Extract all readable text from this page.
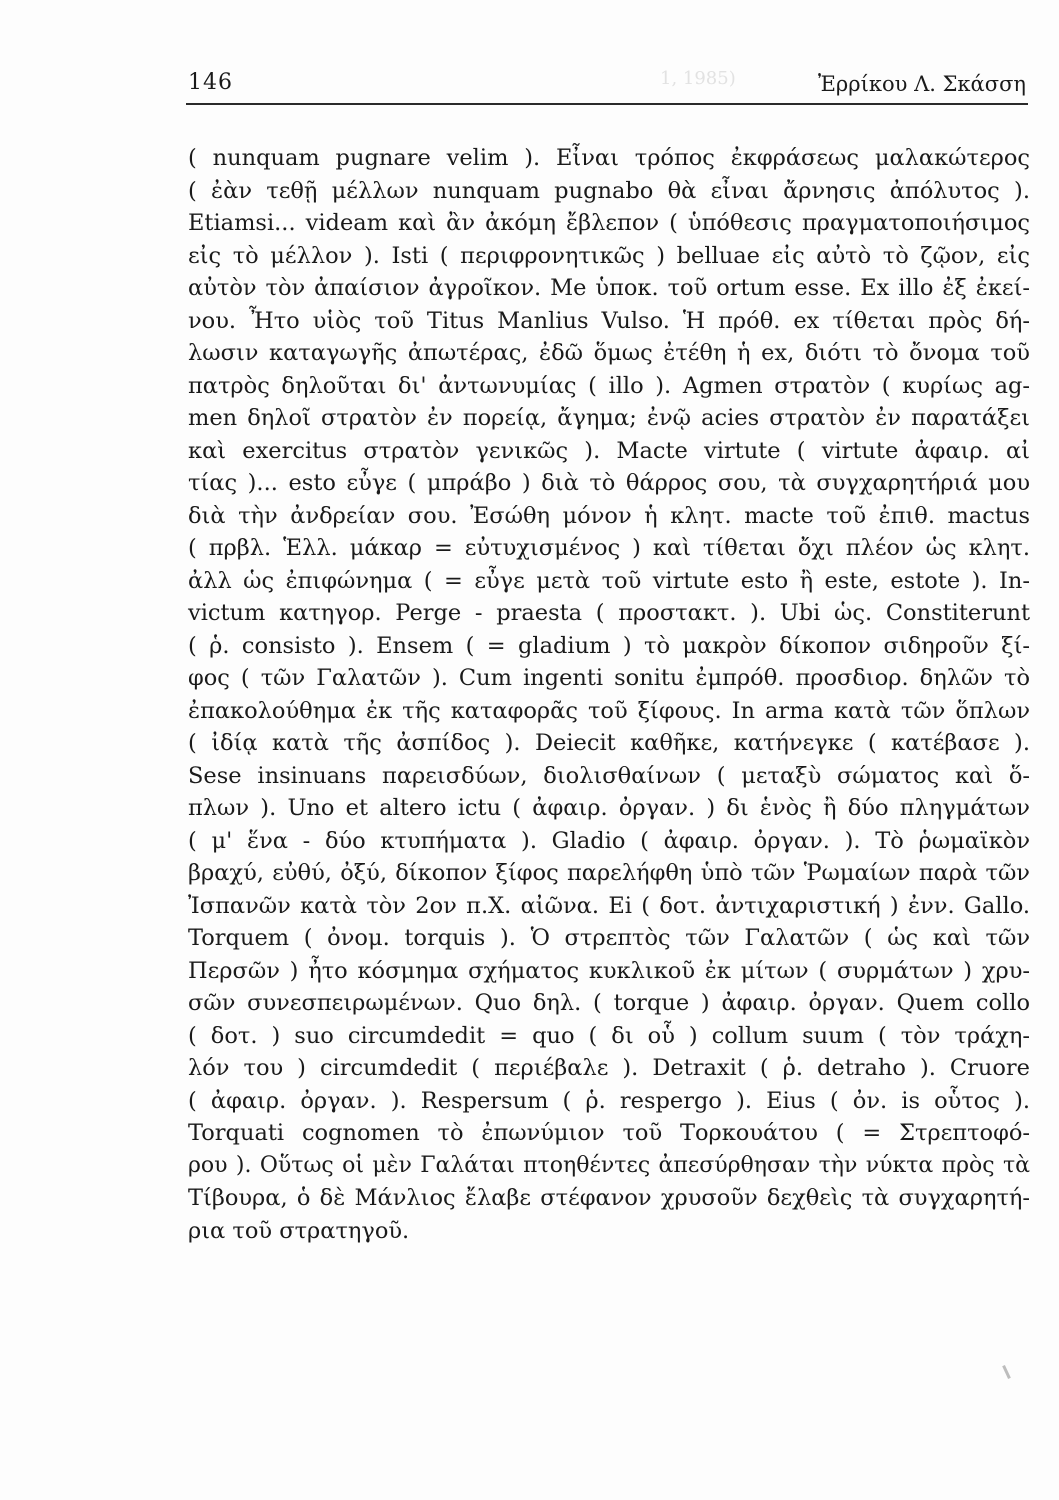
1, 1985)
146	Ἐρρίκου Λ. Σκάσση
( nunquam pugnare velim ). Εἶναι τρόπος ἐκφράσεως μαλακώτερος
( ἐὰν τεθῇ μέλλων nunquam pugnabo θὰ εἶναι ἄρνησις ἀπόλυτος ).
Etiamsi... videam καὶ ἂν ἀκόμη ἔβλεπον ( ὑπόθεσις πραγματοποιήσιμος
εἰς τὸ μέλλον ). Isti ( περιφρονητικῶς ) belluae εἰς αὐτὸ τὸ ζῷον, εἰς
αὐτὸν τὸν ἀπαίσιον ἀγροῖκον. Me ὑποκ. τοῦ ortum esse. Ex illo ἐξ ἐκεί-
νου. Ἦτο υἱὸς τοῦ Titus Manlius Vulso. Ἡ πρόθ. ex τίθεται πρὸς δή-
λωσιν καταγωγῆς ἀπωτέρας, ἐδῶ ὅμως ἐτέθη ἡ ex, διότι τὸ ὄνομα τοῦ
πατρὸς δηλοῦται δι' ἀντωνυμίας ( illo ). Agmen στρατὸν ( κυρίως ag-
men δηλοῖ στρατὸν ἐν πορείᾳ, ἄγημα; ἐνῷ acies στρατὸν ἐν παρατάξει
καὶ exercitus στρατὸν γενικῶς ). Macte virtute ( virtute ἀφαιρ. αἰ
τίας )... esto εὖγε ( μπράβο ) διὰ τὸ θάρρος σου, τὰ συγχαρητήριά μου
διὰ τὴν ἀνδρείαν σου. Ἐσώθη μόνον ἡ κλητ. macte τοῦ ἐπιθ. mactus
( πρβλ. Ἑλλ. μάκαρ = εὐτυχισμένος ) καὶ τίθεται ὄχι πλέον ὡς κλητ.
ἀλλ ὡς ἐπιφώνημα ( = εὖγε μετὰ τοῦ virtute esto ἢ este, estote ). In-
victum κατηγορ. Perge - praesta ( προστακτ. ). Ubi ὡς. Constiterunt
( ῥ. consisto ). Ensem ( = gladium ) τὸ μακρὸν δίκοπον σιδηροῦν ξί-
φος ( τῶν Γαλατῶν ). Cum ingenti sonitu ἐμπρόθ. προσδιορ. δηλῶν τὸ
ἐπακολούθημα ἐκ τῆς καταφορᾶς τοῦ ξίφους. In arma κατὰ τῶν ὅπλων
( ἰδίᾳ κατὰ τῆς ἀσπίδος ). Deiecit καθῆκε, κατήνεγκε ( κατέβασε ).
Sese insinuans παρεισδύων, διολισθαίνων ( μεταξὺ σώματος καὶ ὅ-
πλων ). Uno et altero ictu ( ἀφαιρ. ὀργαν. ) δι ἑνὸς ἢ δύο πληγμάτων
( μ' ἕνα - δύο κτυπήματα ). Gladio ( ἀφαιρ. ὀργαν. ). Τὸ ῥωμαϊκὸν
βραχύ, εὐθύ, ὀξύ, δίκοπον ξίφος παρελήφθη ὑπὸ τῶν Ῥωμαίων παρὰ τῶν
Ἰσπανῶν κατὰ τὸν 2ον π.Χ. αἰῶνα. Ei ( δοτ. ἀντιχαριστική ) ἐνν. Gallo.
Torquem ( ὀνομ. torquis ). Ὁ στρεπτὸς τῶν Γαλατῶν ( ὡς καὶ τῶν
Περσῶν ) ἦτο κόσμημα σχήματος κυκλικοῦ ἐκ μίτων ( συρμάτων ) χρυ-
σῶν συνεσπειρωμένων. Quo δηλ. ( torque ) ἀφαιρ. ὀργαν. Quem collo
( δοτ. ) suo circumdedit = quo ( δι οὗ ) collum suum ( τὸν τράχη-
λόν του ) circumdedit ( περιέβαλε ). Detraxit ( ῥ. detraho ). Cruore
( ἀφαιρ. ὀργαν. ). Respersum ( ῥ. respergo ). Eius ( ὀν. is οὗτος ).
Torquati cognomen τὸ ἐπωνύμιον τοῦ Τορκουάτου ( = Στρεπτοφό-
ρου ). Οὕτως οἱ μὲν Γαλάται πτοηθέντες ἀπεσύρθησαν τὴν νύκτα πρὸς τὰ
Τίβουρα, ὁ δὲ Μάνλιος ἔλαβε στέφανον χρυσοῦν δεχθεὶς τὰ συγχαρητή-
ρια τοῦ στρατηγοῦ.
